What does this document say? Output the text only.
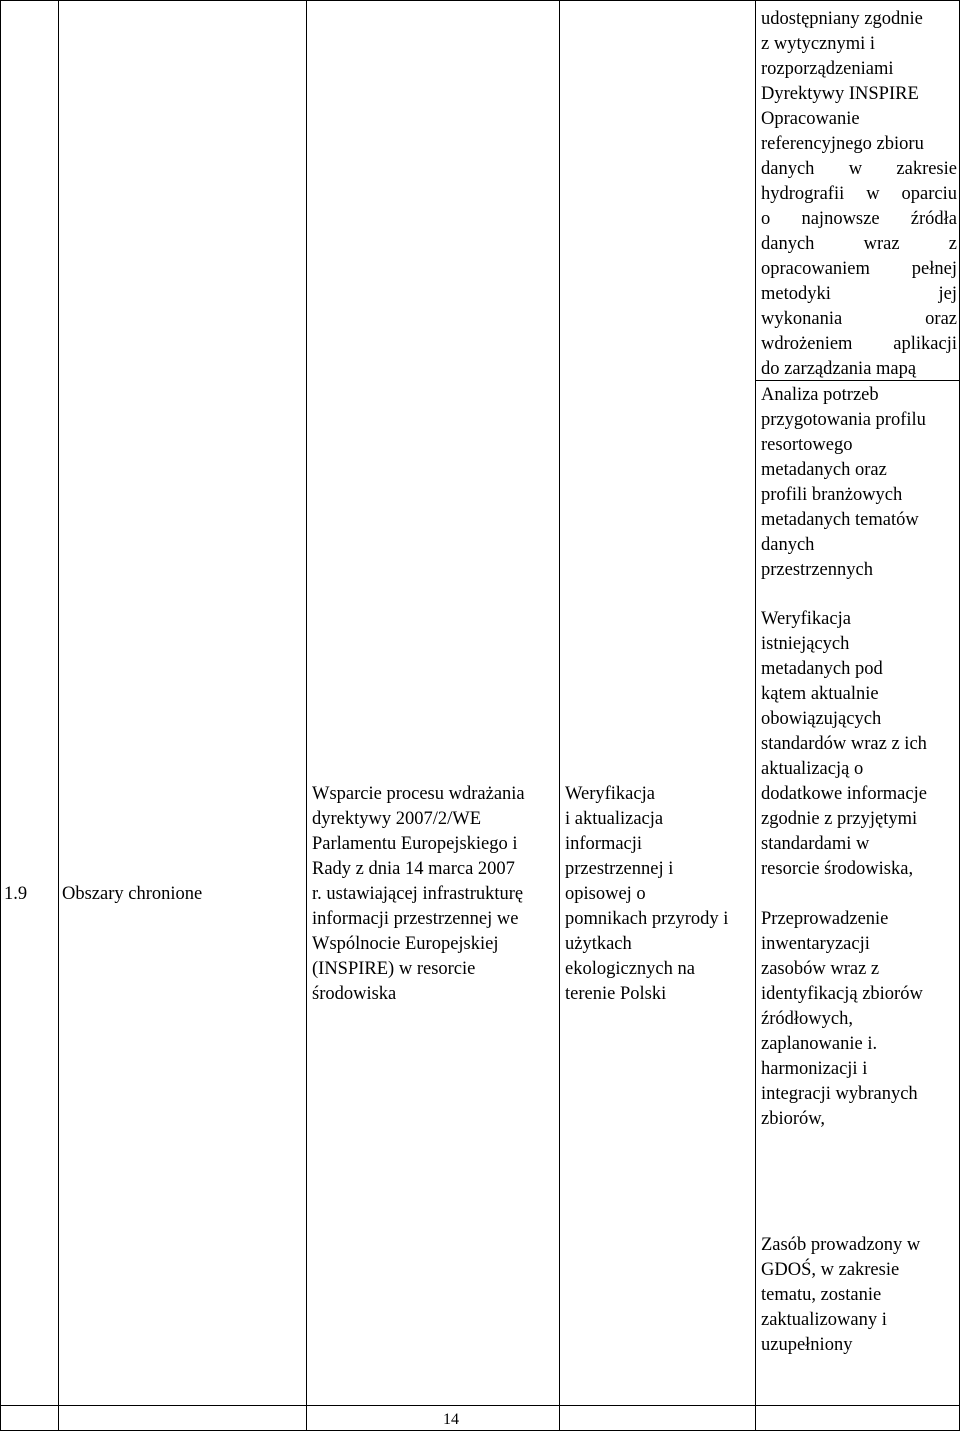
1.9 Obszary chronione
Wsparcie procesu wdrażania
dyrektywy 2007/2/WE
Parlamentu Europejskiego i
Rady z dnia 14 marca 2007
r. ustawiającej infrastrukturę
informacji przestrzennej we
Wspólnocie Europejskiej
(INSPIRE) w resorcie
środowiska
Weryfikacja
i aktualizacja
informacji
przestrzennej i
opisowej o
pomnikach przyrody i
użytkach
ekologicznych na
terenie Polski
udostępniany zgodnie
z wytycznymi i
rozporządzeniami
Dyrektywy INSPIRE
Opracowanie
referencyjnego zbioru
danych w zakresie
hydrografii w oparciu
o najnowsze źródła
danych wraz z
opracowaniem pełnej
metodyki jej
wykonania oraz
wdrożeniem aplikacji
do zarządzania mapą
Analiza potrzeb
przygotowania profilu
resortowego
metadanych oraz
profili branżowych
metadanych tematów
danych
przestrzennych
Weryfikacja
istniejących
metadanych pod
kątem aktualnie
obowiązujących
standardów wraz z ich
aktualizacją o
dodatkowe informacje
zgodnie z przyjętymi
standardami w
resorcie środowiska,
Przeprowadzenie
inwentaryzacji
zasobów wraz z
identyfikacją zbiorów
źródłowych,
zaplanowanie i.
harmonizacji i
integracji wybranych
zbiorów,
Zasób prowadzony w
GDOŚ, w zakresie
tematu, zostanie
zaktualizowany i
uzupełniony
14
